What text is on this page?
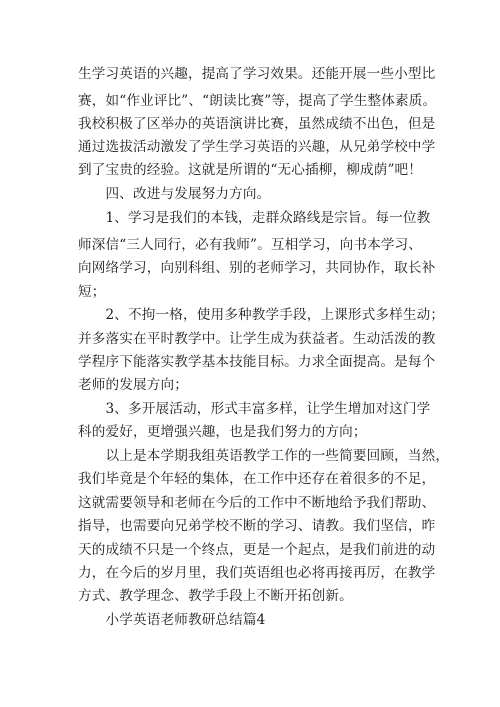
生学习英语的兴趣，提高了学习效果。还能开展一些小型比
赛，如“作业评比”、“朗读比赛”等，提高了学生整体素质。
我校积极了区举办的英语演讲比赛，虽然成绩不出色，但是
通过选拔活动激发了学生学习英语的兴趣，从兄弟学校中学
到了宝贵的经验。这就是所谓的“无心插柳，柳成荫”吧！
　　四、改进与发展努力方向。
　　1、学习是我们的本钱，走群众路线是宗旨。每一位教
师深信“三人同行，必有我师”。互相学习，向书本学习、
向网络学习，向别科组、别的老师学习，共同协作，取长补
短；
　　2、不拘一格，使用多种教学手段，上课形式多样生动；
并多落实在平时教学中。让学生成为获益者。生动活泼的教
学程序下能落实教学基本技能目标。力求全面提高。是每个
老师的发展方向；
　　3、多开展活动，形式丰富多样，让学生增加对这门学
科的爱好，更增强兴趣，也是我们努力的方向；
　　以上是本学期我组英语教学工作的一些简要回顾，当然，
我们毕竟是个年轻的集体，在工作中还存在着很多的不足，
这就需要领导和老师在今后的工作中不断地给予我们帮助、
指导，也需要向兄弟学校不断的学习、请教。我们坚信，昨
天的成绩不只是一个终点，更是一个起点，是我们前进的动
力，在今后的岁月里，我们英语组也必将再接再厉，在教学
方式、教学理念、教学手段上不断开拓创新。
　　小学英语老师教研总结篇4
